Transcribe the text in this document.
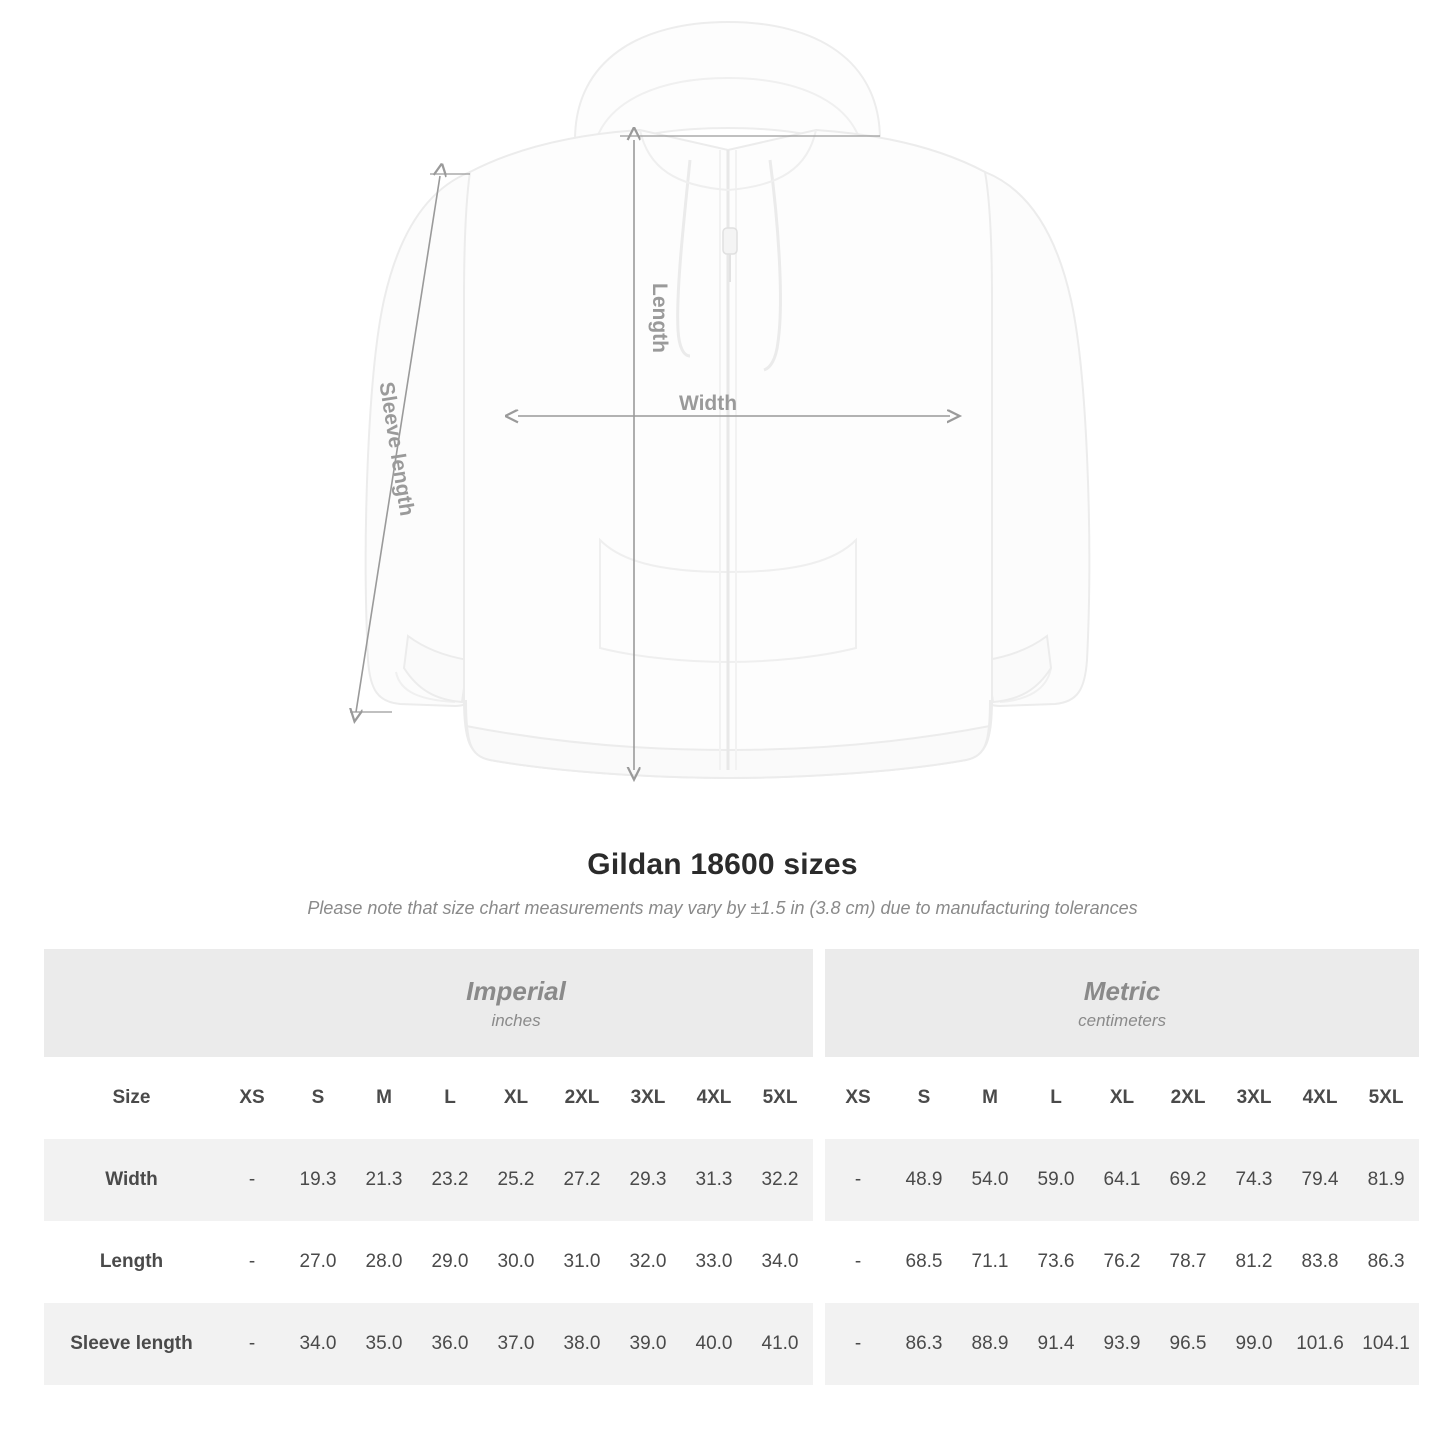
Length
Width
Sleeve length
Gildan 18600 sizes
Please note that size chart measurements may vary by ±1.5 in (3.8 cm) due to manufacturing tolerances

Imperial
inches

Metric
centimeters

Size	XS	S	M	L	XL	2XL	3XL	4XL	5XL		XS	S	M	L	XL	2XL	3XL	4XL	5XL
Width	-	19.3	21.3	23.2	25.2	27.2	29.3	31.3	32.2		-	48.9	54.0	59.0	64.1	69.2	74.3	79.4	81.9
Length	-	27.0	28.0	29.0	30.0	31.0	32.0	33.0	34.0		-	68.5	71.1	73.6	76.2	78.7	81.2	83.8	86.3
Sleeve length	-	34.0	35.0	36.0	37.0	38.0	39.0	40.0	41.0		-	86.3	88.9	91.4	93.9	96.5	99.0	101.6	104.1
